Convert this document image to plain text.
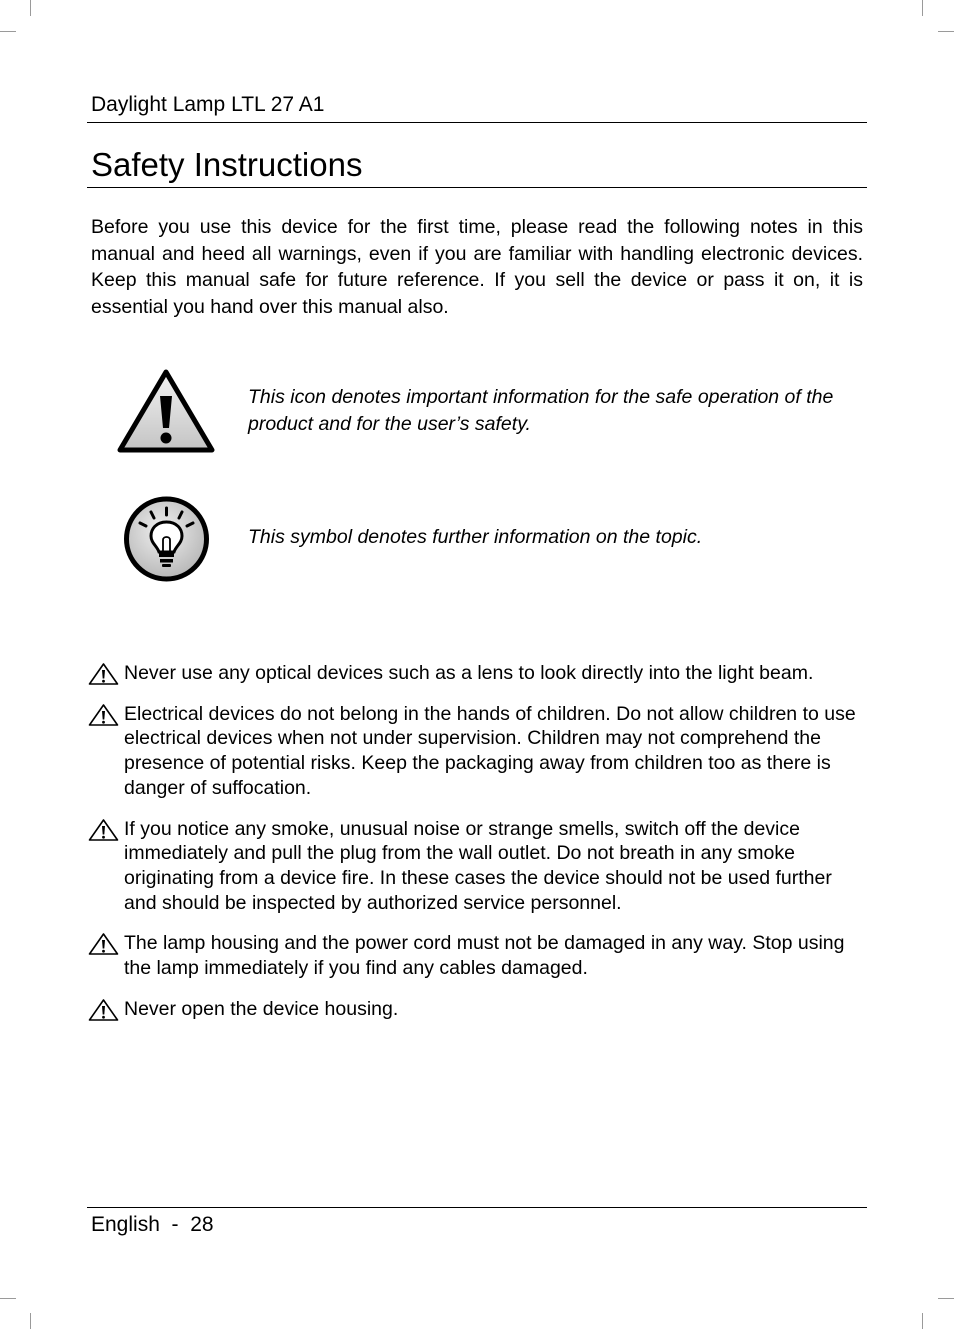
Daylight Lamp LTL 27 A1
Safety Instructions

Before you use this device for the first time, please read the following notes in this manual and heed all warnings, even if you are familiar with handling electronic devices. Keep this manual safe for future reference. If you sell the device or pass it on, it is essential you hand over this manual also.

This icon denotes important information for the safe operation of the product and for the user’s safety.

This symbol denotes further information on the topic.

Never use any optical devices such as a lens to look directly into the light beam.
Electrical devices do not belong in the hands of children. Do not allow children to use electrical devices when not under supervision. Children may not comprehend the presence of potential risks. Keep the packaging away from children too as there is danger of suffocation.
If you notice any smoke, unusual noise or strange smells, switch off the device immediately and pull the plug from the wall outlet. Do not breath in any smoke originating from a device fire. In these cases the device should not be used further and should be inspected by authorized service personnel.
The lamp housing and the power cord must not be damaged in any way. Stop using the lamp immediately if you find any cables damaged.
Never open the device housing.
English  -  28
